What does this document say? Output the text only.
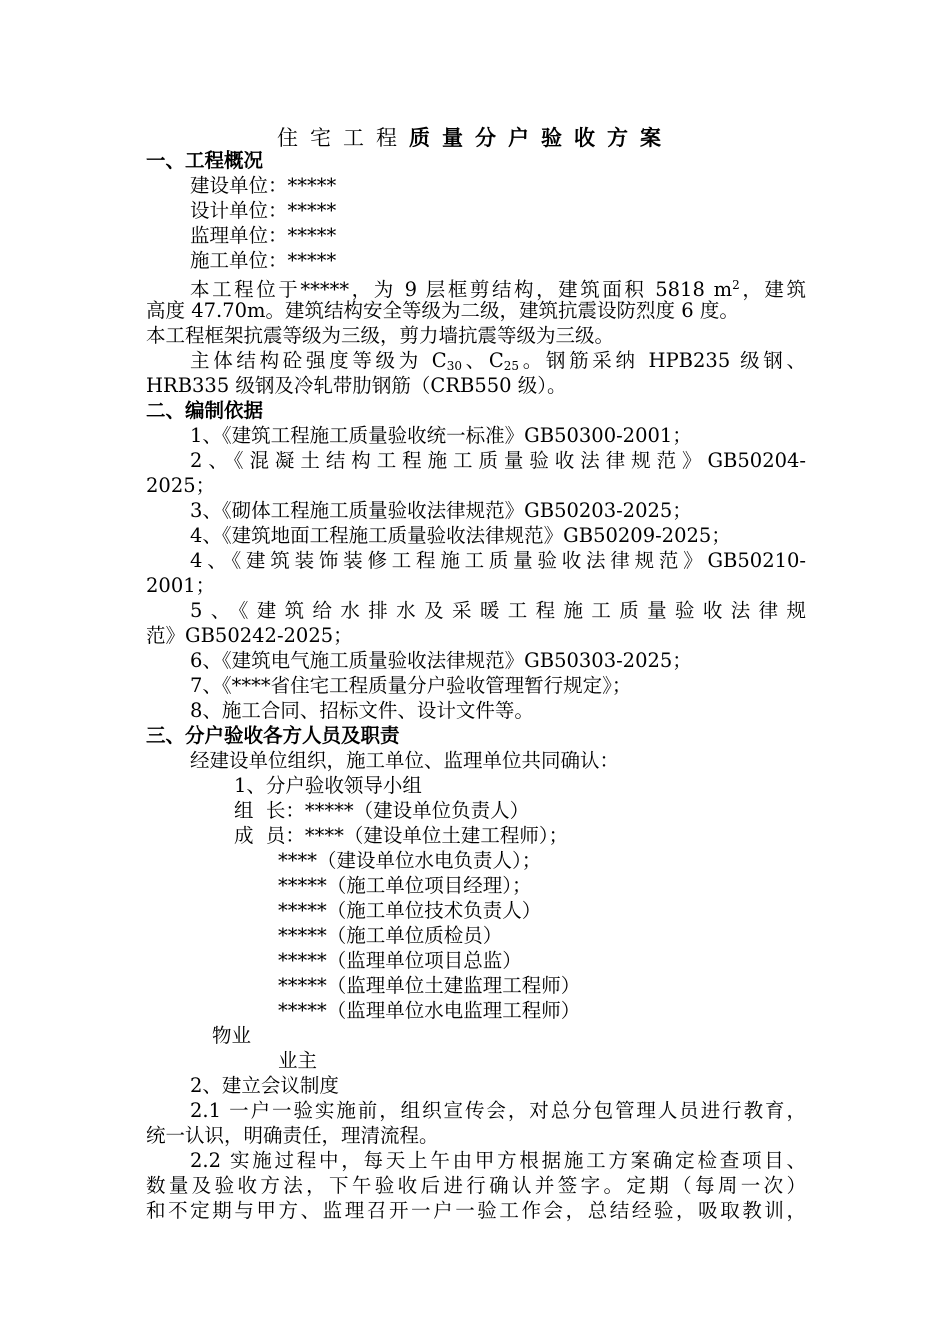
住宅工程质量分户验收方案
一、工程概况
建设单位：*****
设计单位：*****
监理单位：*****
施工单位：*****
本工程位于*****，为 9 层框剪结构，建筑面积 5818 $m^2$，建筑
高度 47.70m。建筑结构安全等级为二级，建筑抗震设防烈度 6 度。
本工程框架抗震等级为三级，剪力墙抗震等级为三级。
主体结构砼强度等级为 $C_{30}$、$C_{25}$。钢筋采纳 HPB235 级钢、
HRB335 级钢及冷轧带肋钢筋（CRB550 级）。
二、编制依据
1、《建筑工程施工质量验收统一标准》GB50300-2001；
2、《混凝土结构工程施工质量验收法律规范》GB50204-
2025；
3、《砌体工程施工质量验收法律规范》GB50203-2025；
4、《建筑地面工程施工质量验收法律规范》GB50209-2025；
4、《建筑装饰装修工程施工质量验收法律规范》GB50210-
2001；
5、《建筑给水排水及采暖工程施工质量验收法律规
范》GB50242-2025；
6、《建筑电气施工质量验收法律规范》GB50303-2025；
7、《****省住宅工程质量分户验收管理暂行规定》；
8、施工合同、招标文件、设计文件等。
三、分户验收各方人员及职责
经建设单位组织，施工单位、监理单位共同确认：
1、分户验收领导小组
组  长：*****（建设单位负责人）
成  员：****（建设单位土建工程师）；
****（建设单位水电负责人）；
*****（施工单位项目经理）；
*****（施工单位技术负责人）
*****（施工单位质检员）
*****（监理单位项目总监）
*****（监理单位土建监理工程师）
*****（监理单位水电监理工程师）
物业
业主
2、建立会议制度
2.1 一户一验实施前，组织宣传会，对总分包管理人员进行教育，
统一认识，明确责任，理清流程。
2.2 实施过程中，每天上午由甲方根据施工方案确定检查项目、
数量及验收方法，下午验收后进行确认并签字。定期（每周一次）
和不定期与甲方、监理召开一户一验工作会，总结经验，吸取教训，
